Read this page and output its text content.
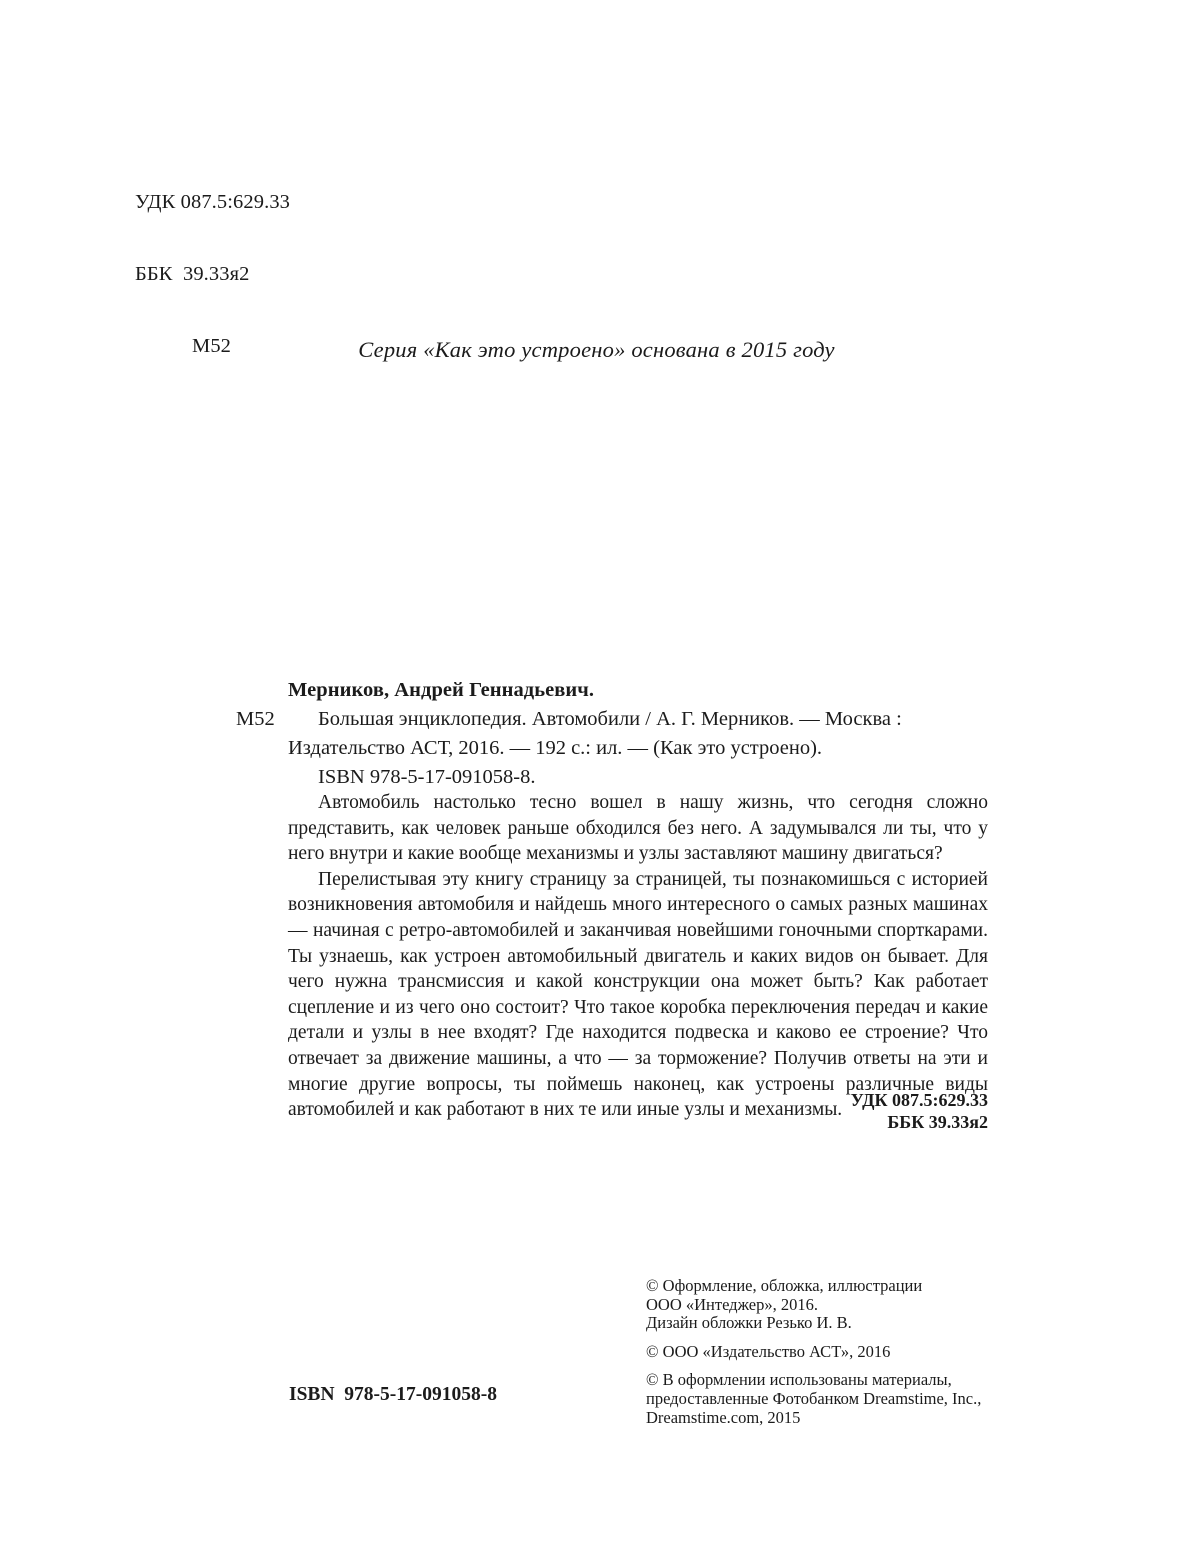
УДК 087.5:629.33

ББК  39.33я2

М52

	Серия «Как это устроено» основана в 2015 году
М52
Мерников, Андрей Геннадьевич.
Большая энциклопедия. Автомобили / А. Г. Мерников. — Москва :
Издательство АСТ, 2016. — 192 с.: ил. — (Как это устроено).
ISBN 978-5-17-091058-8.

Автомобиль настолько тесно вошел в нашу жизнь, что сегодня сложно представить, как человек раньше обходился без него. А задумывался ли ты, что у него внутри и какие вообще механизмы и узлы заставляют машину двигаться?

Перелистывая эту книгу страницу за страницей, ты познакомишься с историей возникновения автомобиля и найдешь много интересного о самых разных машинах — начиная с ретро-автомобилей и заканчивая новейшими гоночными спорткарами. Ты узнаешь, как устроен автомобильный двигатель и каких видов он бывает. Для чего нужна трансмиссия и какой конструкции она может быть? Как работает сцепление и из чего оно состоит? Что такое коробка переключения передач и какие детали и узлы в нее входят? Где находится подвеска и каково ее строение? Что отвечает за движение машины, а что — за торможение? Получив ответы на эти и многие другие вопросы, ты поймешь наконец, как устроены различные виды автомобилей и как работают в них те или иные узлы и механизмы. УДК 087.5:629.33
ББК 39.33я2
© Оформление, обложка, иллюстрации
ООО «Интеджер», 2016.
Дизайн обложки Резько И. В.
© ООО «Издательство АСТ», 2016
© В оформлении использованы материалы,
предоставленные Фотобанком Dreamstime, Inc.,
Dreamstime.com, 2015
ISBN  978-5-17-091058-8
